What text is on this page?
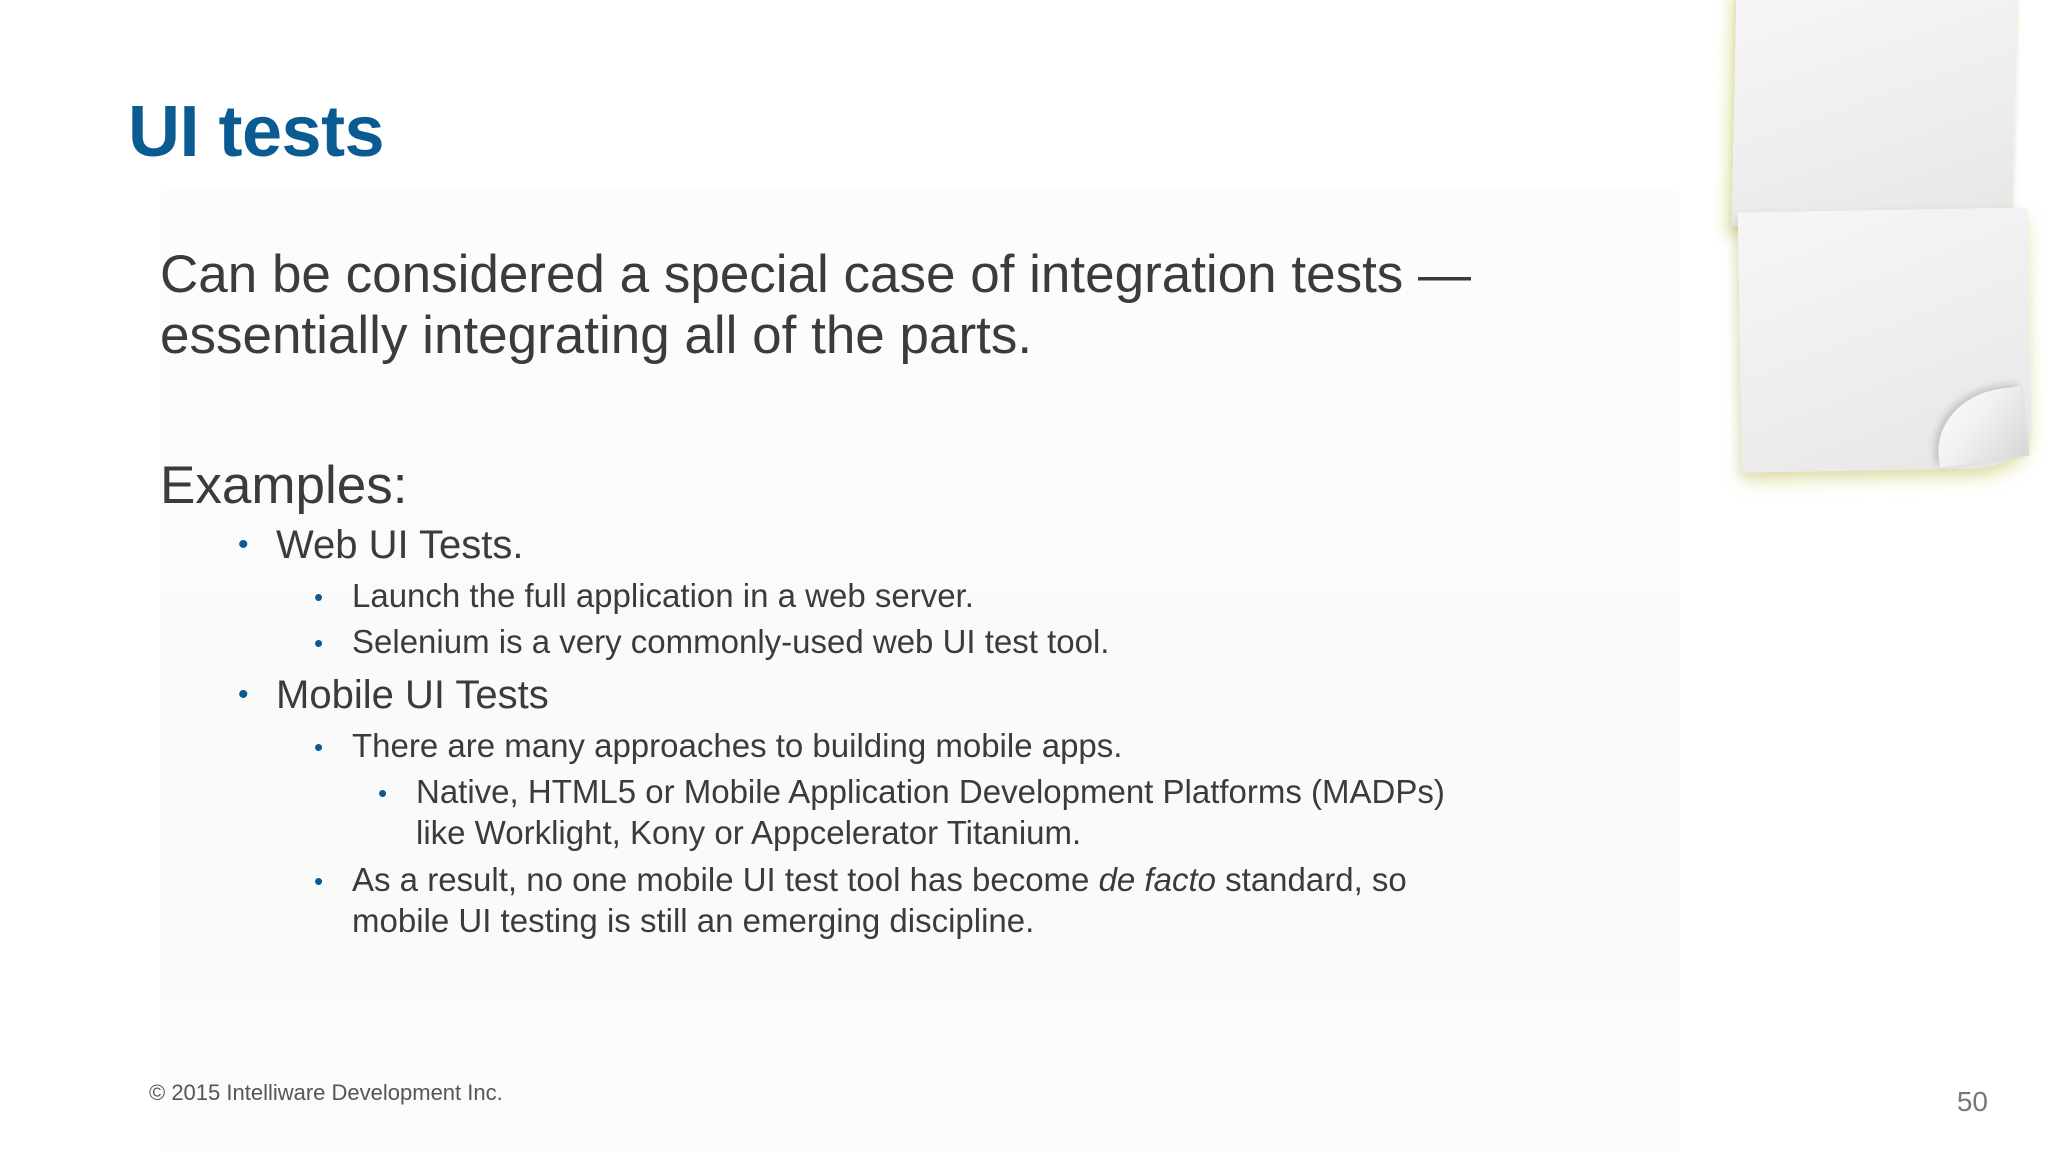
UI tests

Can be considered a special case of integration tests — essentially integrating all of the parts.

Examples:

• Web UI Tests.
• Launch the full application in a web server.
• Selenium is a very commonly-used web UI test tool.
• Mobile UI Tests
• There are many approaches to building mobile apps.
• Native, HTML5 or Mobile Application Development Platforms (MADPs)
like Worklight, Kony or Appcelerator Titanium.
• As a result, no one mobile UI test tool has become de facto standard, so
mobile UI testing is still an emerging discipline.
© 2015 Intelliware Development Inc.	50
